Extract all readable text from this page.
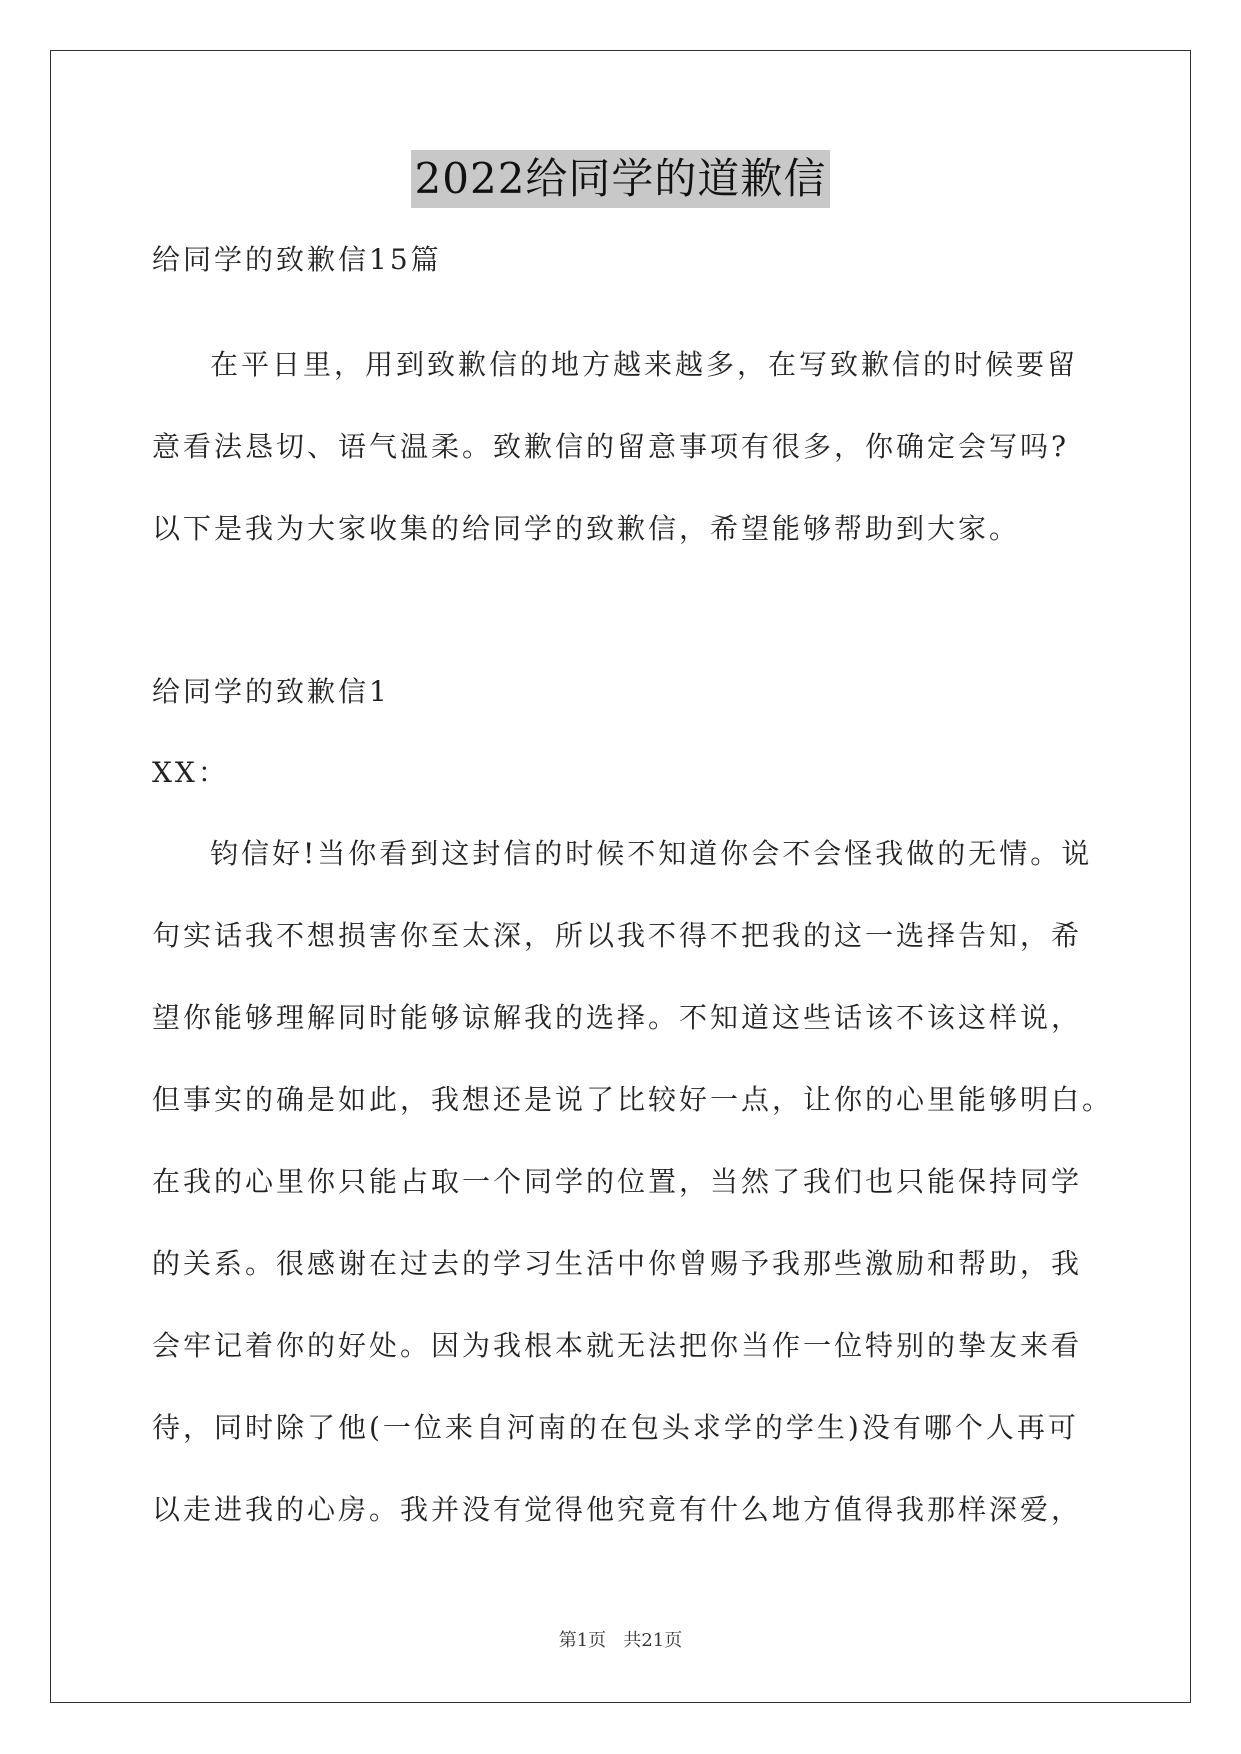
2022给同学的道歉信
给同学的致歉信15篇
在平日里，用到致歉信的地方越来越多，在写致歉信的时候要留
意看法恳切、语气温柔。致歉信的留意事项有很多，你确定会写吗?
以下是我为大家收集的给同学的致歉信，希望能够帮助到大家。
给同学的致歉信1
XX：
钧信好!当你看到这封信的时候不知道你会不会怪我做的无情。说
句实话我不想损害你至太深，所以我不得不把我的这一选择告知，希
望你能够理解同时能够谅解我的选择。不知道这些话该不该这样说，
但事实的确是如此，我想还是说了比较好一点，让你的心里能够明白。
在我的心里你只能占取一个同学的位置，当然了我们也只能保持同学
的关系。很感谢在过去的学习生活中你曾赐予我那些激励和帮助，我
会牢记着你的好处。因为我根本就无法把你当作一位特别的挚友来看
待，同时除了他(一位来自河南的在包头求学的学生)没有哪个人再可
以走进我的心房。我并没有觉得他究竟有什么地方值得我那样深爱，
第1页   共21页
